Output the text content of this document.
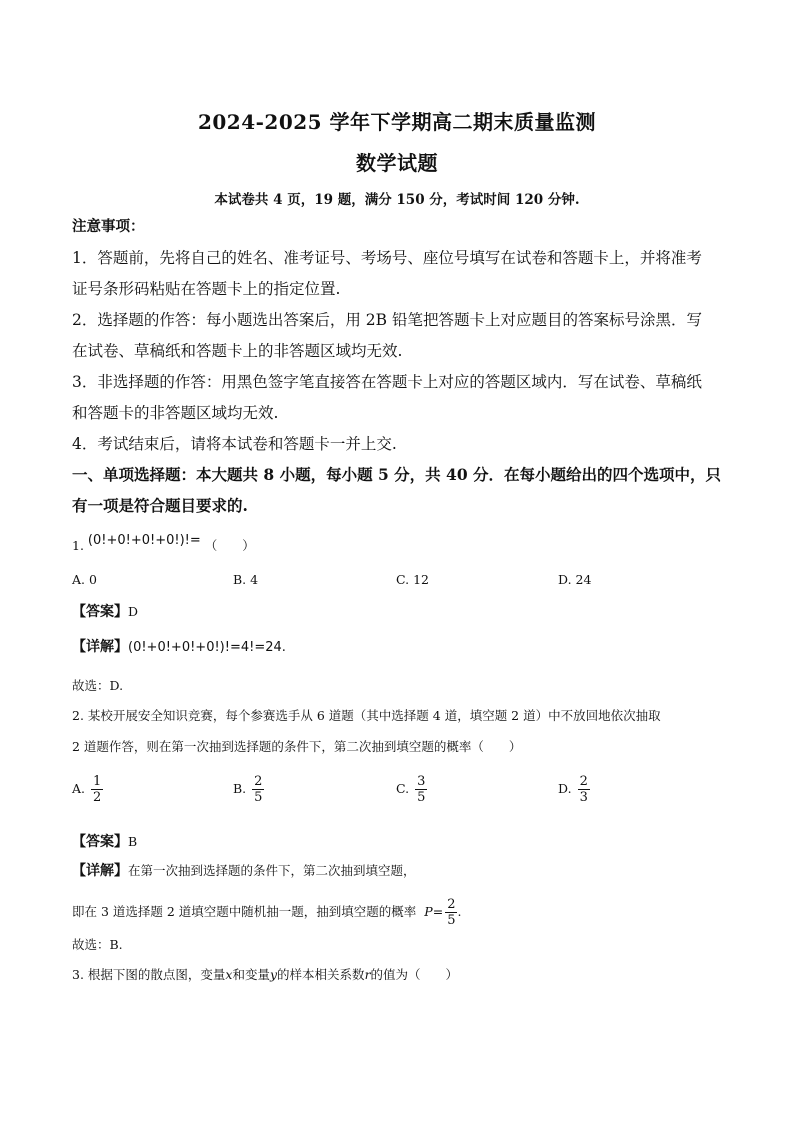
2024-2025 学年下学期高二期末质量监测
数学试题
本试卷共 4 页，19 题，满分 150 分，考试时间 120 分钟.
注意事项：
1．答题前，先将自己的姓名、准考证号、考场号、座位号填写在试卷和答题卡上，并将准考
证号条形码粘贴在答题卡上的指定位置.
2．选择题的作答：每小题选出答案后，用 2B 铅笔把答题卡上对应题目的答案标号涂黑．写
在试卷、草稿纸和答题卡上的非答题区域均无效.
3．非选择题的作答：用黑色签字笔直接答在答题卡上对应的答题区域内．写在试卷、草稿纸
和答题卡的非答题区域均无效.
4．考试结束后，请将本试卷和答题卡一并上交.
一、单项选择题：本大题共 8 小题，每小题 5 分，共 40 分．在每小题给出的四个选项中，只
有一项是符合题目要求的.
1. (0!+0!+0!+0!)!= （　　）
A. 0	B. 4	C. 12	D. 24
【答案】D
【详解】(0!+0!+0!+0!)!=4!=24.
故选：D.
2. 某校开展安全知识竞赛，每个参赛选手从 6 道题（其中选择题 4 道，填空题 2 道）中不放回地依次抽取
2 道题作答，则在第一次抽到选择题的条件下，第二次抽到填空题的概率（　　）
A. $\frac{1}{2}$	B. $\frac{2}{5}$	C. $\frac{3}{5}$	D. $\frac{2}{3}$
【答案】B
【详解】在第一次抽到选择题的条件下，第二次抽到填空题，
即在 3 道选择题 2 道填空题中随机抽一题，抽到填空题的概率 $P= \frac{2}{5}$ .
故选：B.
3. 根据下图的散点图，变量x和变量y的样本相关系数r的值为（　　）
